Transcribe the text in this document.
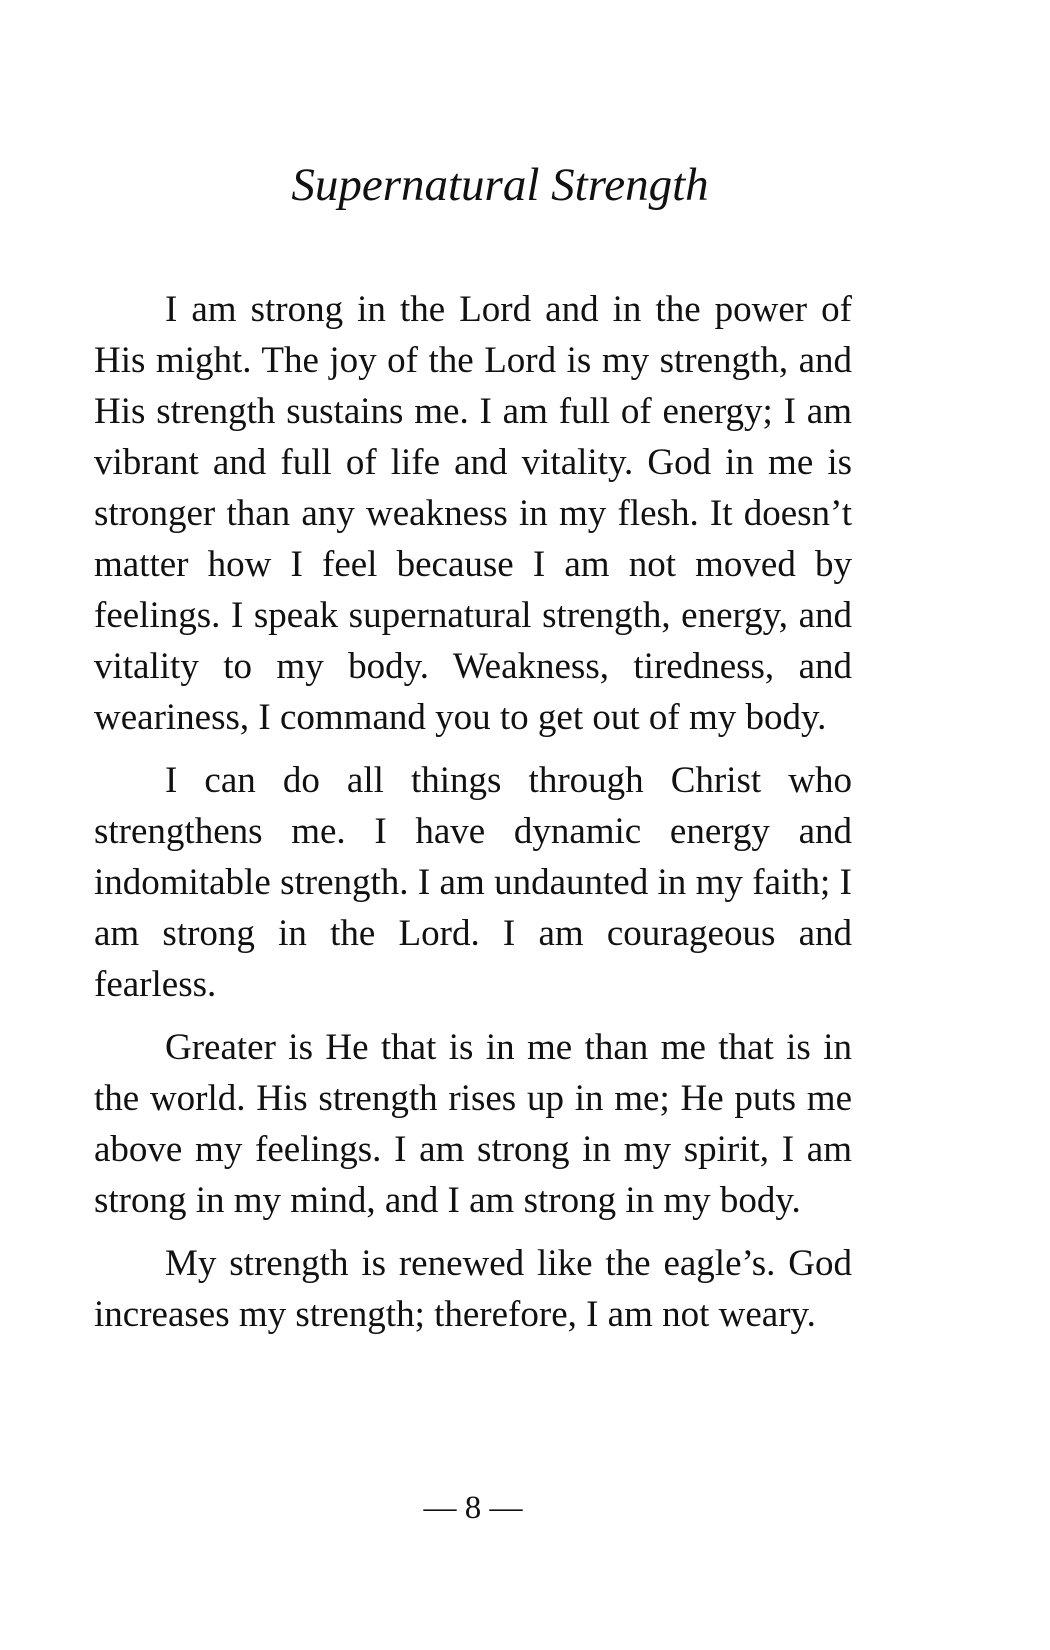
Supernatural Strength

I am strong in the Lord and in the power of His might. The joy of the Lord is my strength, and His strength sustains me. I am full of energy; I am vibrant and full of life and vitality. God in me is stronger than any weakness in my flesh. It doesn’t matter how I feel because I am not moved by feelings. I speak supernatural strength, energy, and vitality to my body. Weakness, tiredness, and weariness, I command you to get out of my body.

I can do all things through Christ who strengthens me. I have dynamic energy and indomitable strength. I am undaunted in my faith; I am strong in the Lord. I am courageous and fearless.

Greater is He that is in me than me that is in the world. His strength rises up in me; He puts me above my feelings. I am strong in my spirit, I am strong in my mind, and I am strong in my body.

My strength is renewed like the eagle’s. God increases my strength; therefore, I am not weary.

— 8 —
